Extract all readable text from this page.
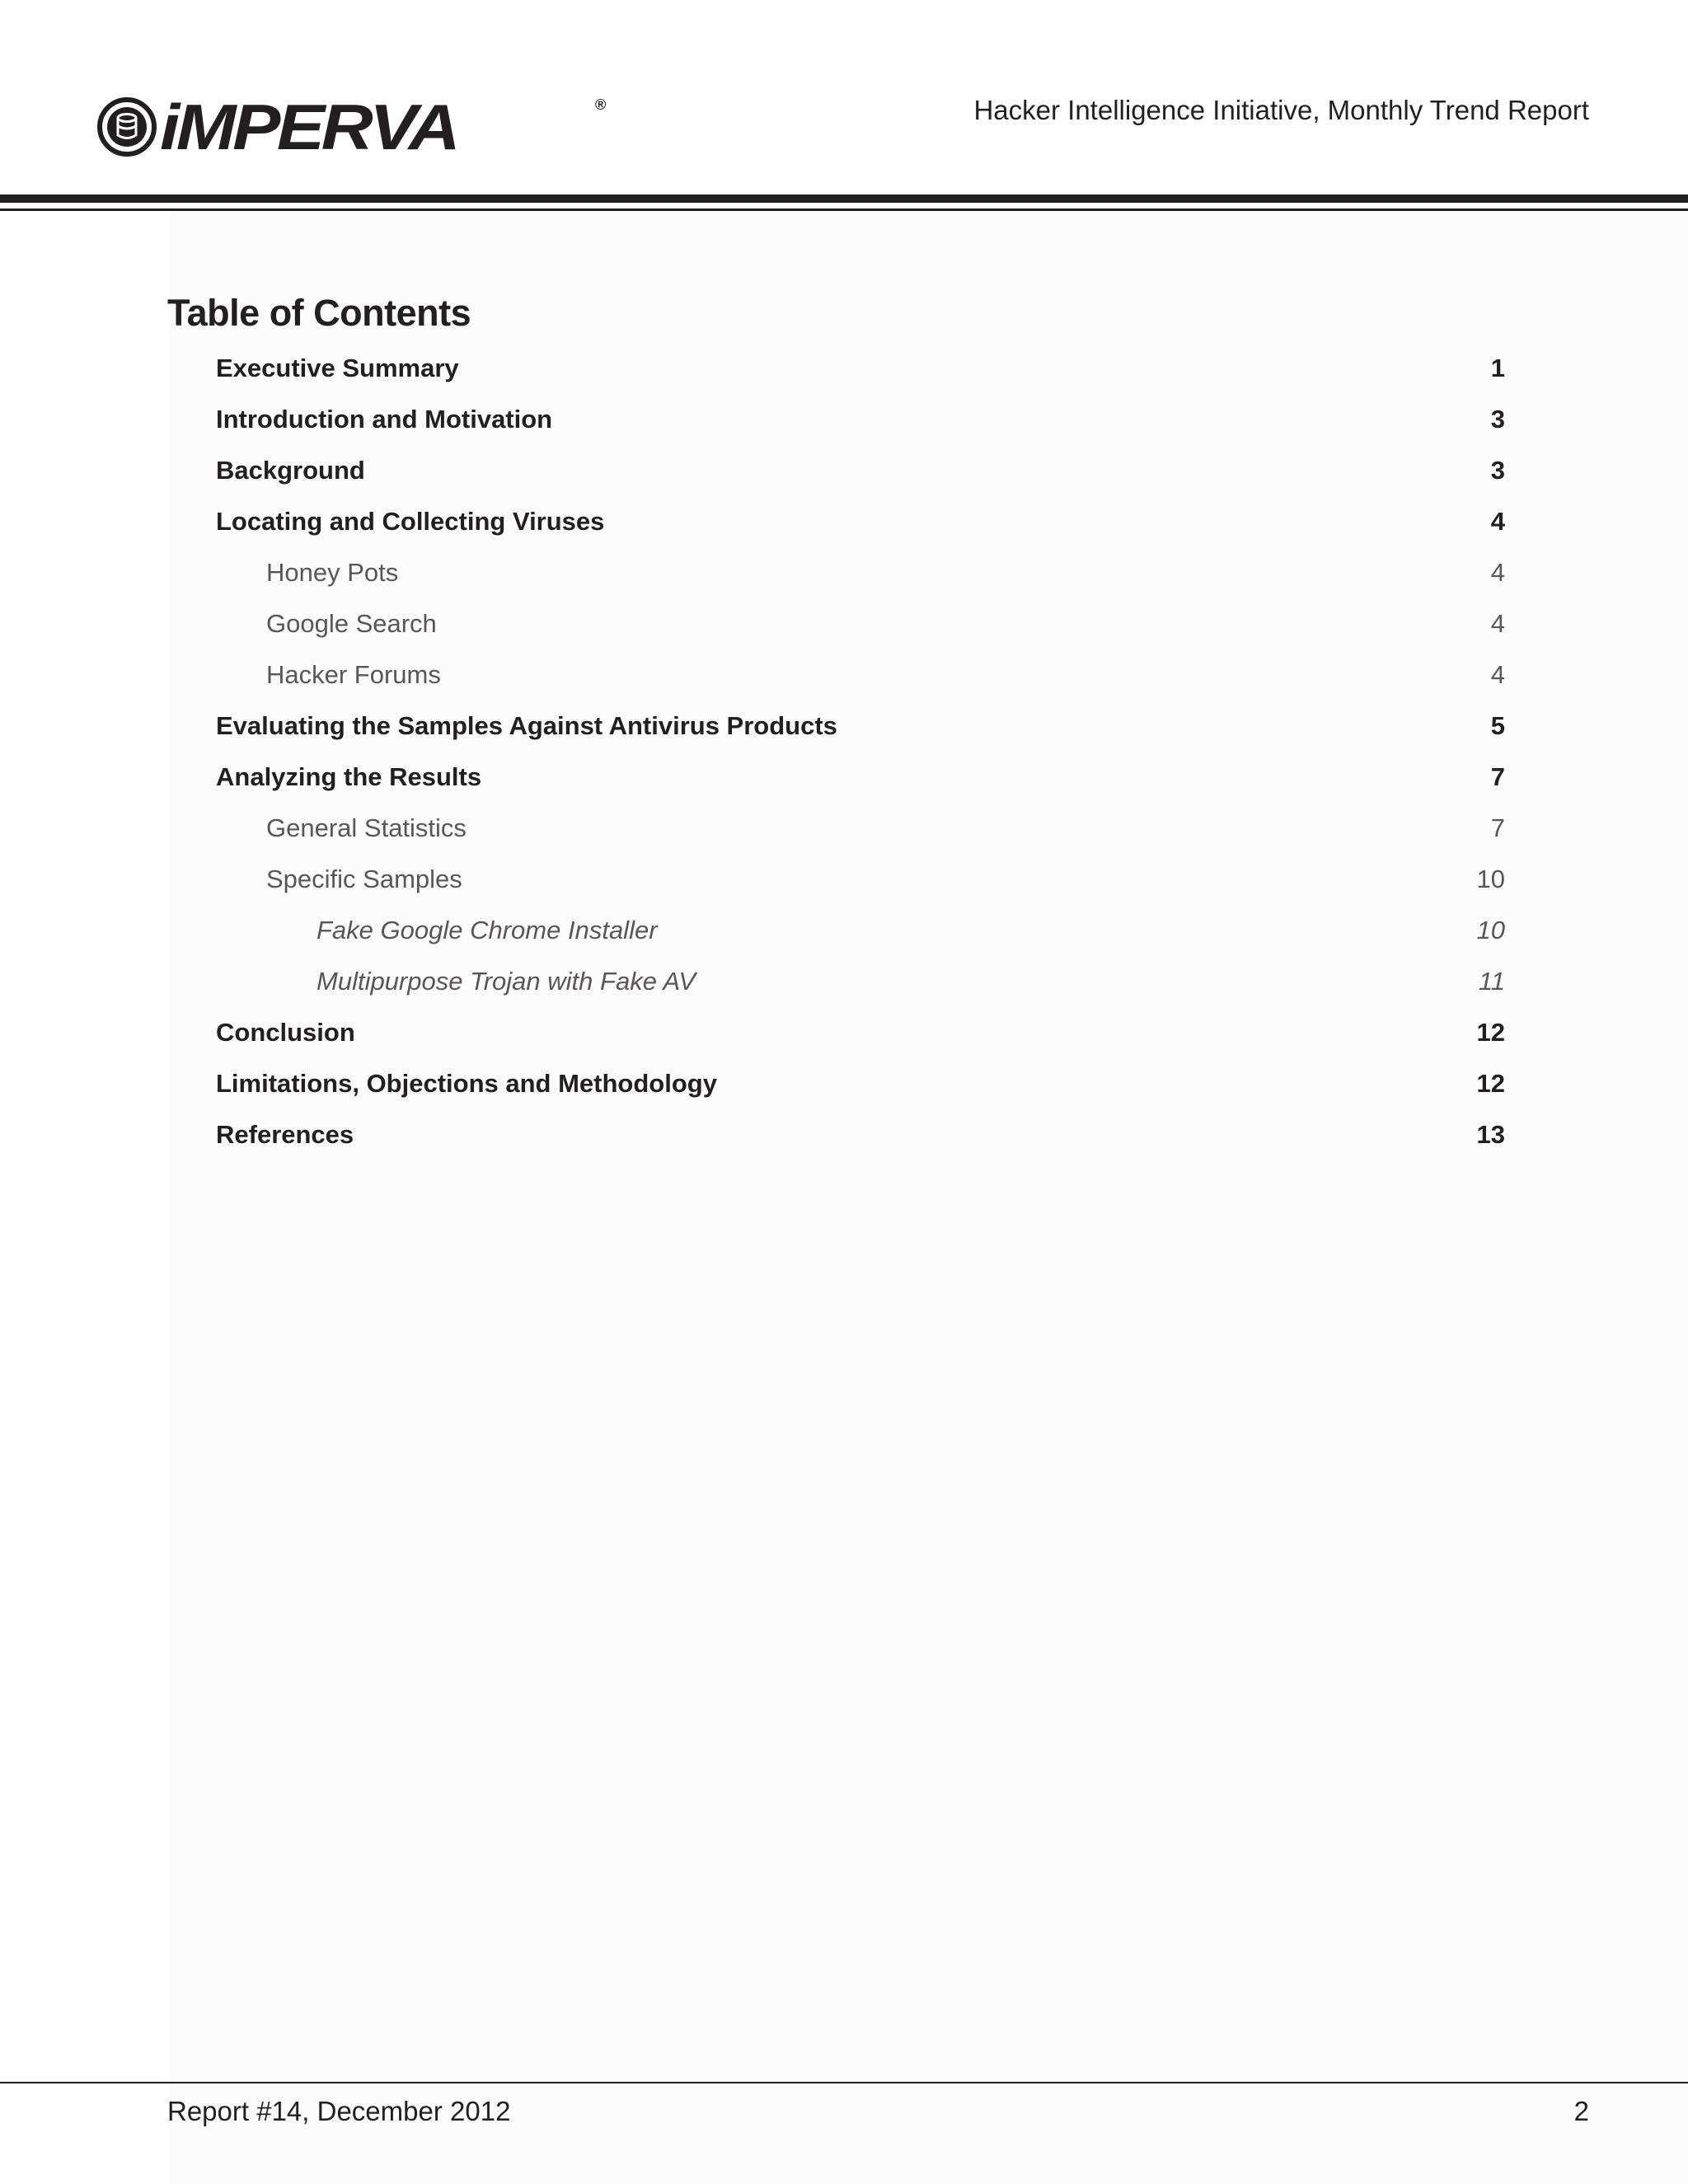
iMPERVA	®	Hacker Intelligence Initiative, Monthly Trend Report
Table of Contents
Executive Summary	1
Introduction and Motivation	3
Background	3
Locating and Collecting Viruses	4
Honey Pots	4
Google Search	4
Hacker Forums	4
Evaluating the Samples Against Antivirus Products	5
Analyzing the Results	7
General Statistics	7
Specific Samples	10
Fake Google Chrome Installer	10
Multipurpose Trojan with Fake AV	11
Conclusion	12
Limitations, Objections and Methodology	12
References	13
Report #14, December 2012	2
